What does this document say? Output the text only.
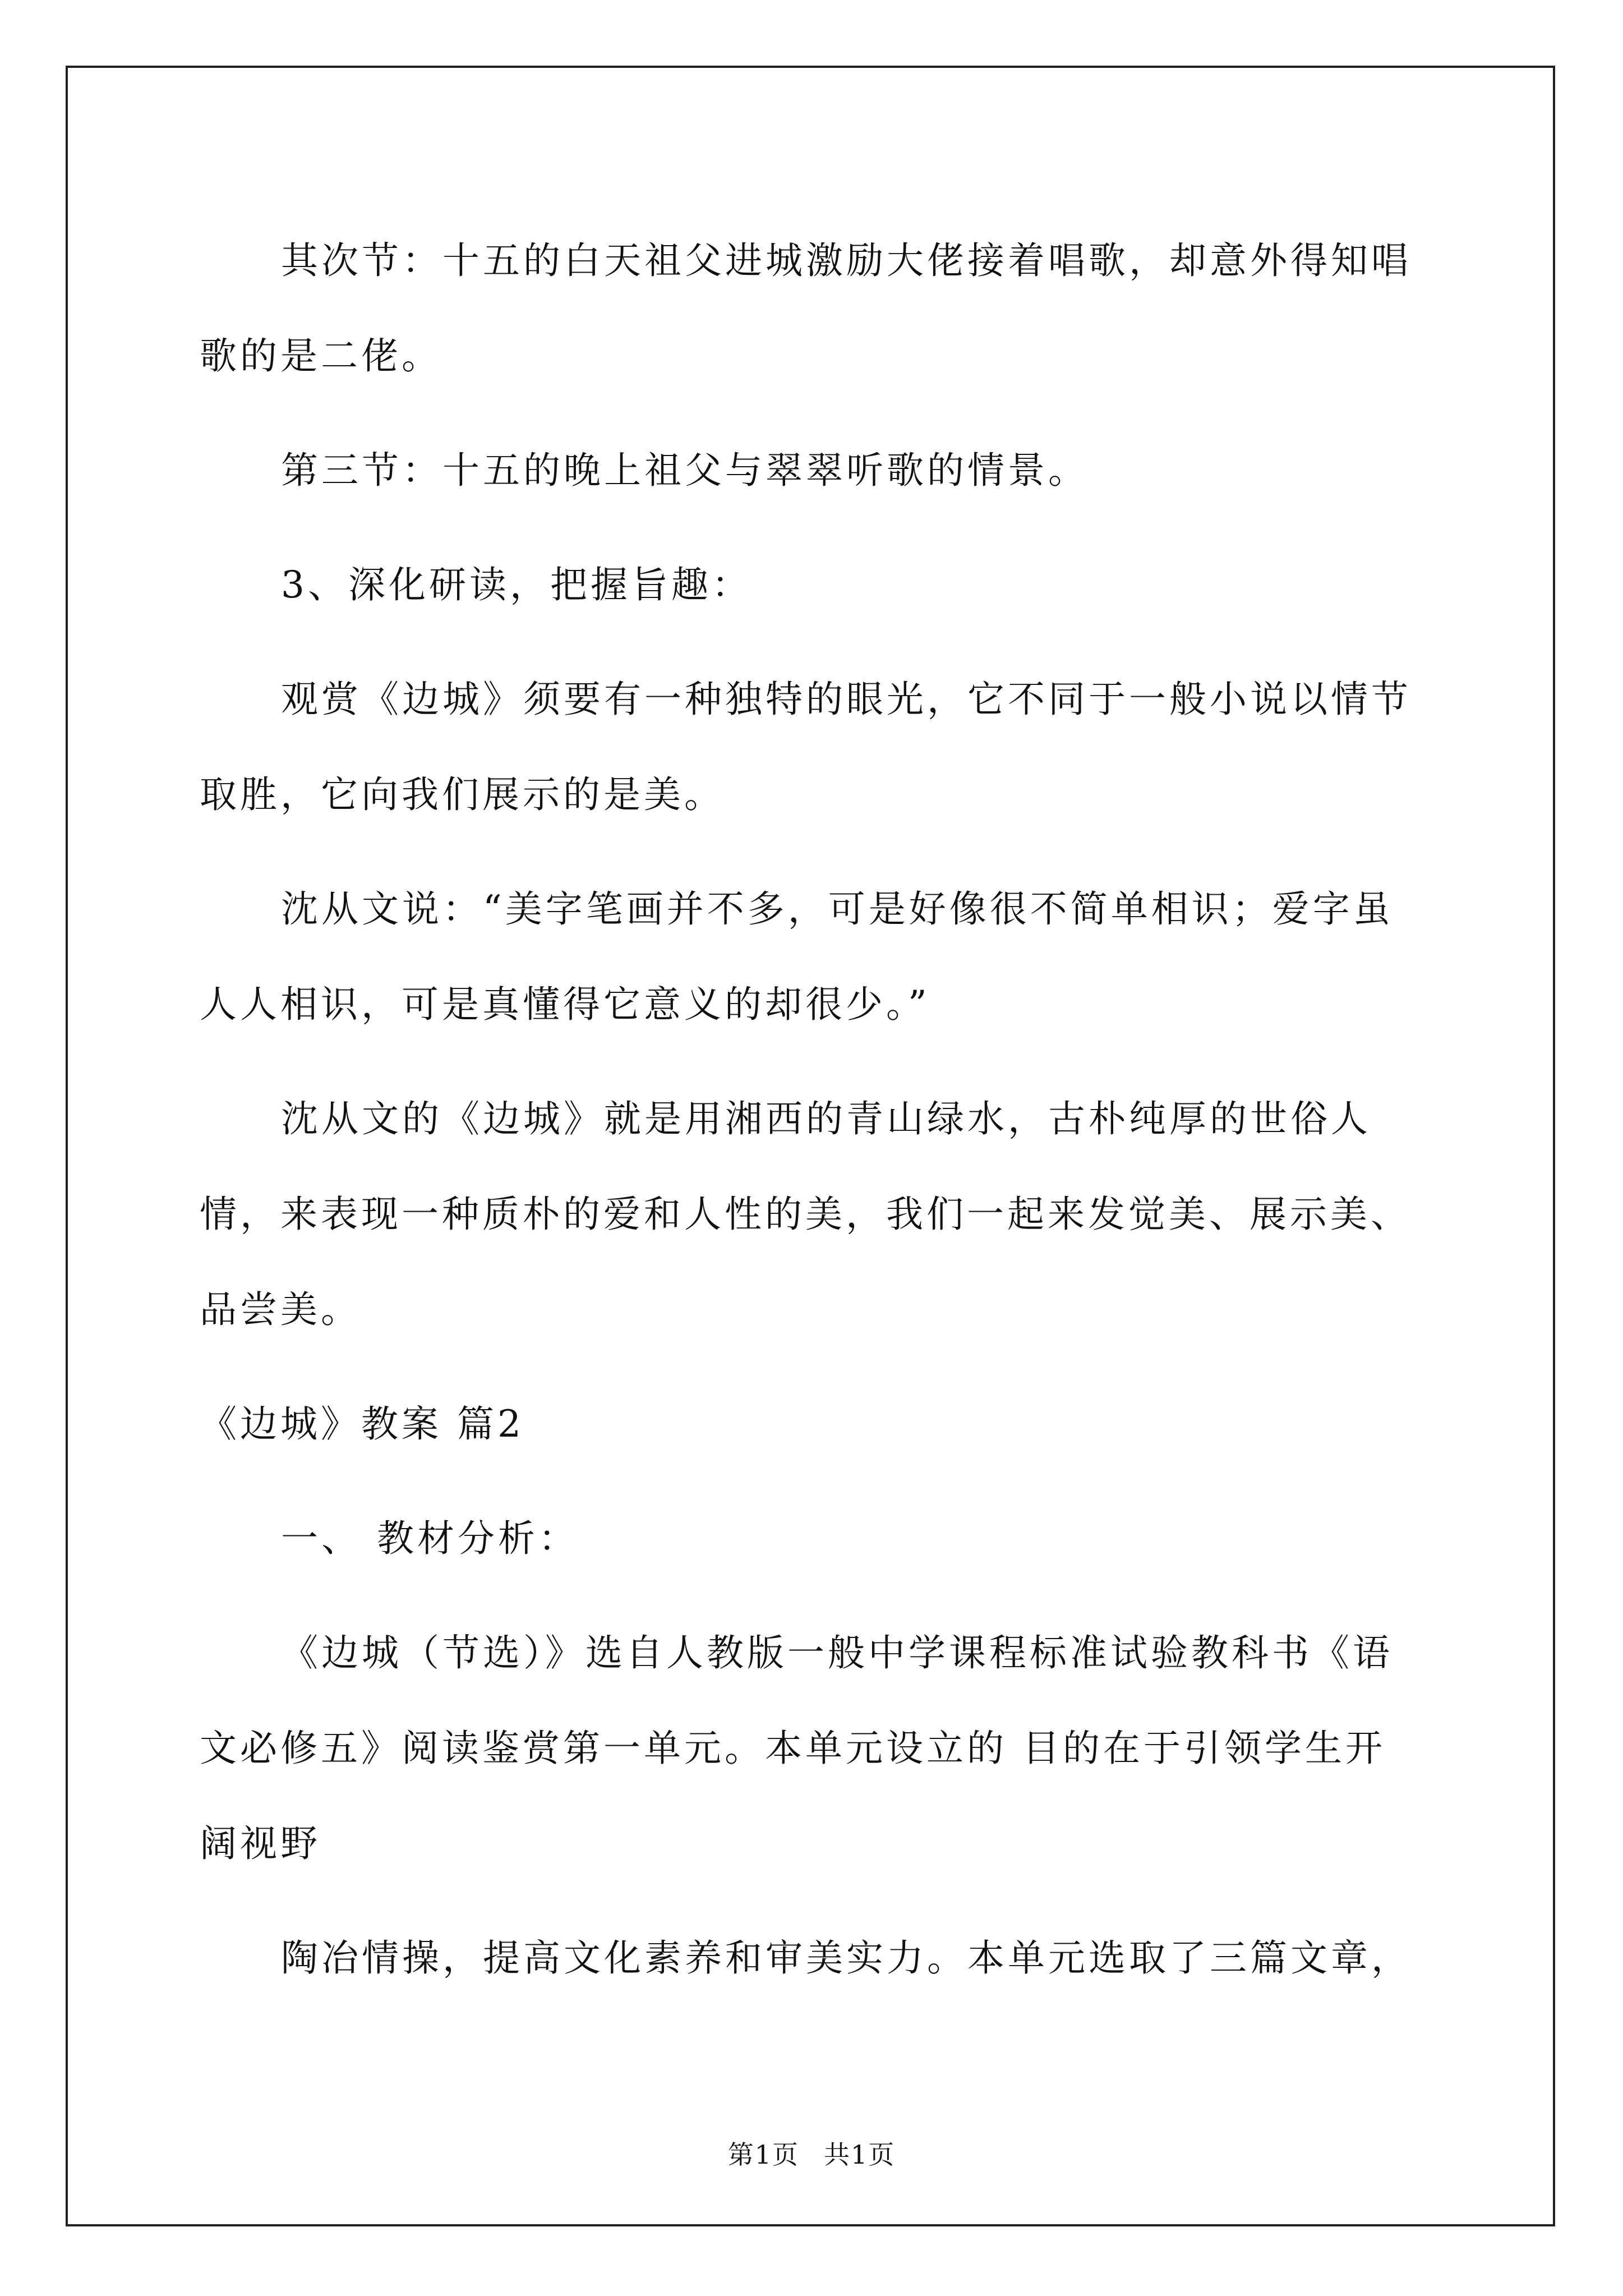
其次节：十五的白天祖父进城激励大佬接着唱歌，却意外得知唱歌的是二佬。

第三节：十五的晚上祖父与翠翠听歌的情景。

3、深化研读，把握旨趣：

观赏《边城》须要有一种独特的眼光，它不同于一般小说以情节取胜，它向我们展示的是美。

沈从文说：“美字笔画并不多，可是好像很不简单相识；爱字虽人人相识，可是真懂得它意义的却很少。”

沈从文的《边城》就是用湘西的青山绿水，古朴纯厚的世俗人情，来表现一种质朴的爱和人性的美，我们一起来发觉美、展示美、品尝美。

《边城》教案 篇2

一、 教材分析：

《边城（节选）》选自人教版一般中学课程标准试验教科书《语文必修五》阅读鉴赏第一单元。本单元设立的 目的在于引领学生开阔视野

陶冶情操，提高文化素养和审美实力。本单元选取了三篇文章，

第1页 共1页
